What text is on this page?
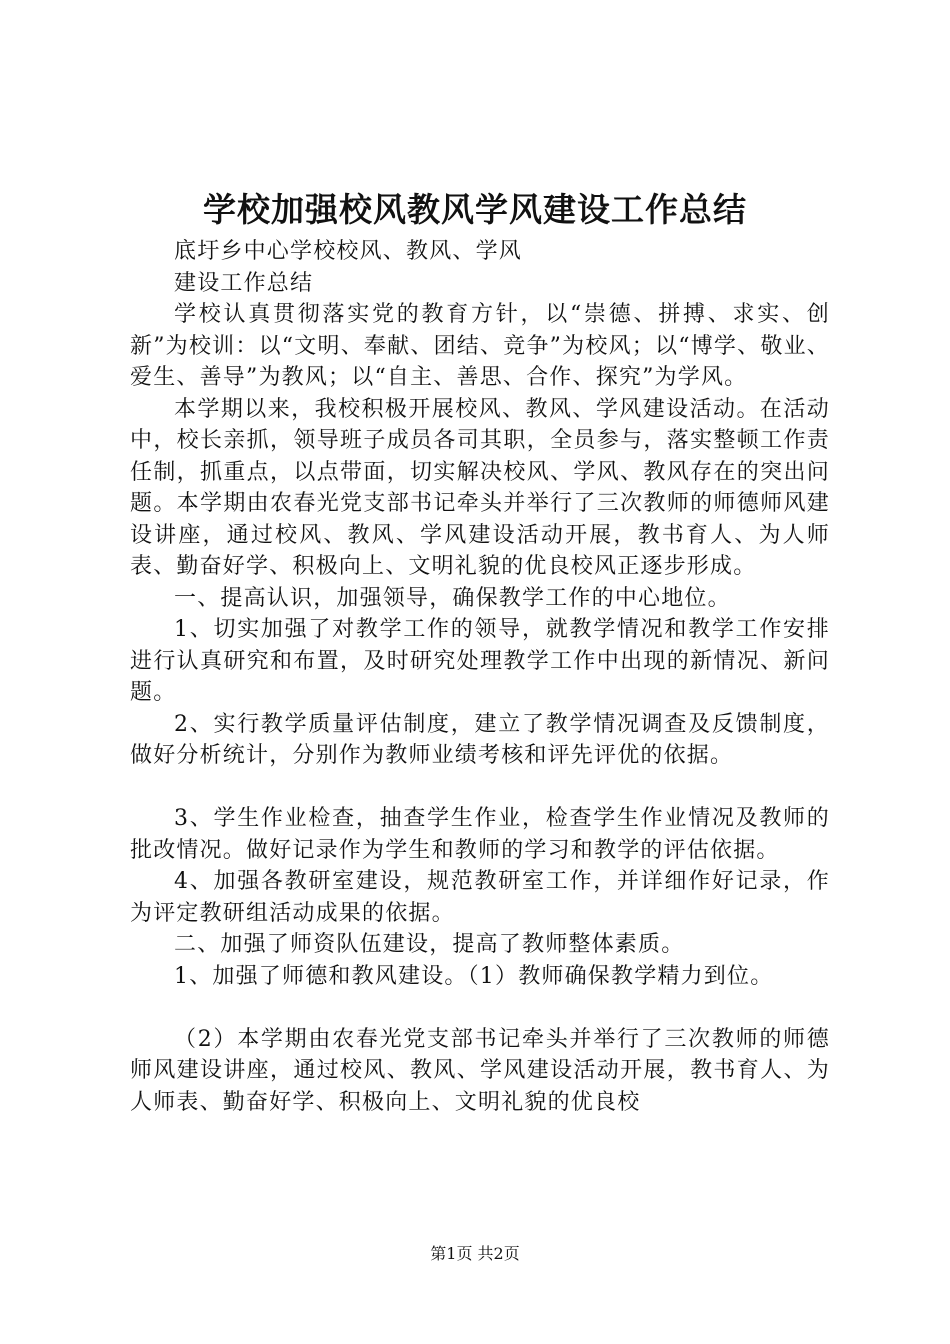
学校加强校风教风学风建设工作总结

底圩乡中心学校校风、教风、学风

建设工作总结

学校认真贯彻落实党的教育方针，以“崇德、拼搏、求实、创新”为校训：以“文明、奉献、团结、竞争”为校风；以“博学、敬业、爱生、善导”为教风；以“自主、善思、合作、探究”为学风。

本学期以来，我校积极开展校风、教风、学风建设活动。在活动中，校长亲抓，领导班子成员各司其职，全员参与，落实整顿工作责任制，抓重点，以点带面，切实解决校风、学风、教风存在的突出问题。本学期由农春光党支部书记牵头并举行了三次教师的师德师风建设讲座，通过校风、教风、学风建设活动开展，教书育人、为人师表、勤奋好学、积极向上、文明礼貌的优良校风正逐步形成。

一、提高认识，加强领导，确保教学工作的中心地位。

1、切实加强了对教学工作的领导，就教学情况和教学工作安排进行认真研究和布置，及时研究处理教学工作中出现的新情况、新问题。

2、实行教学质量评估制度，建立了教学情况调查及反馈制度，做好分析统计，分别作为教师业绩考核和评先评优的依据。

3、学生作业检查，抽查学生作业，检查学生作业情况及教师的批改情况。做好记录作为学生和教师的学习和教学的评估依据。

4、加强各教研室建设，规范教研室工作，并详细作好记录，作为评定教研组活动成果的依据。

二、加强了师资队伍建设，提高了教师整体素质。

1、加强了师德和教风建设。（1）教师确保教学精力到位。

（2）本学期由农春光党支部书记牵头并举行了三次教师的师德师风建设讲座，通过校风、教风、学风建设活动开展，教书育人、为人师表、勤奋好学、积极向上、文明礼貌的优良校

第1页 共2页
